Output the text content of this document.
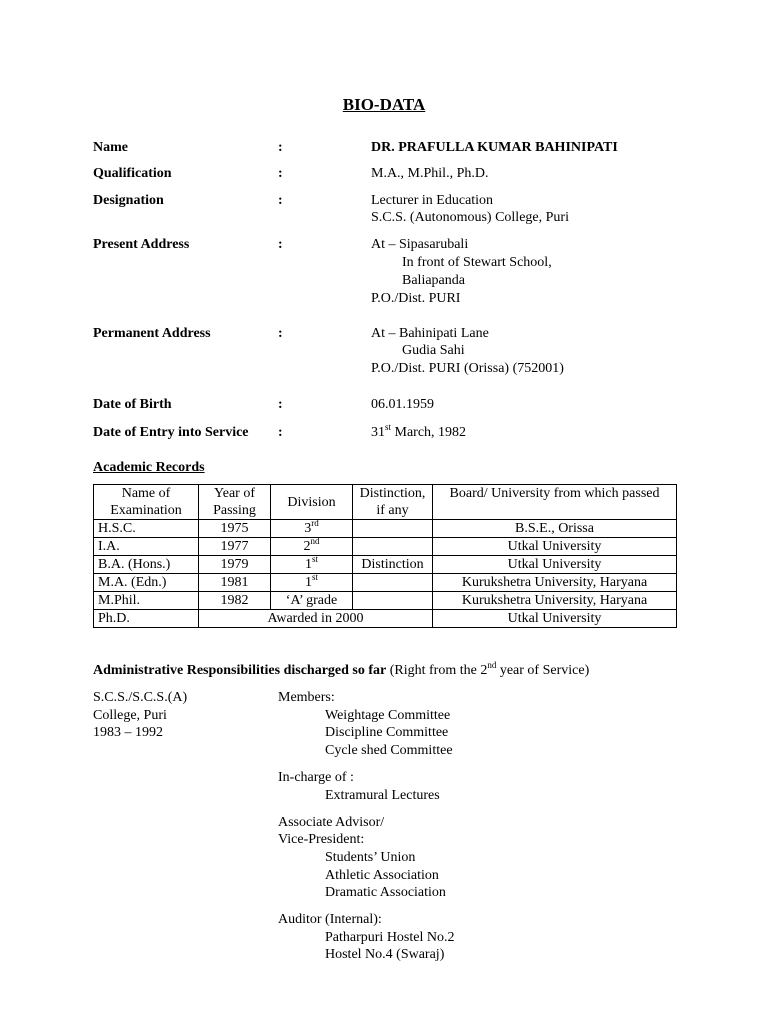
BIO-DATA
Name	:	DR. PRAFULLA KUMAR BAHINIPATI
Qualification	:	M.A., M.Phil., Ph.D.
Designation	:	Lecturer in Education
S.C.S. (Autonomous) College, Puri
Present Address	:	At – Sipasarubali
In front of Stewart School,
Baliapanda
P.O./Dist. PURI
Permanent Address	:	At – Bahinipati Lane
Gudia Sahi
P.O./Dist. PURI (Orissa) (752001)
Date of Birth	:	06.01.1959
Date of Entry into Service :	31st March, 1982
Academic Records
Name of Examination	Year of Passing	Division	Distinction, if any	Board/ University from which passed
H.S.C.	1975	3rd		B.S.E., Orissa
I.A.	1977	2nd		Utkal University
B.A. (Hons.)	1979	1st	Distinction	Utkal University
M.A. (Edn.)	1981	1st		Kurukshetra University, Haryana
M.Phil.	1982	‘A’ grade		Kurukshetra University, Haryana
Ph.D.	Awarded in 2000			Utkal University
Administrative Responsibilities discharged so far (Right from the 2nd year of Service)
S.C.S./S.C.S.(A)
College, Puri
1983 – 1992
Members:
Weightage Committee
Discipline Committee
Cycle shed Committee
In-charge of :
Extramural Lectures
Associate Advisor/
Vice-President:
Students’ Union
Athletic Association
Dramatic Association
Auditor (Internal):
Patharpuri Hostel No.2
Hostel No.4 (Swaraj)
